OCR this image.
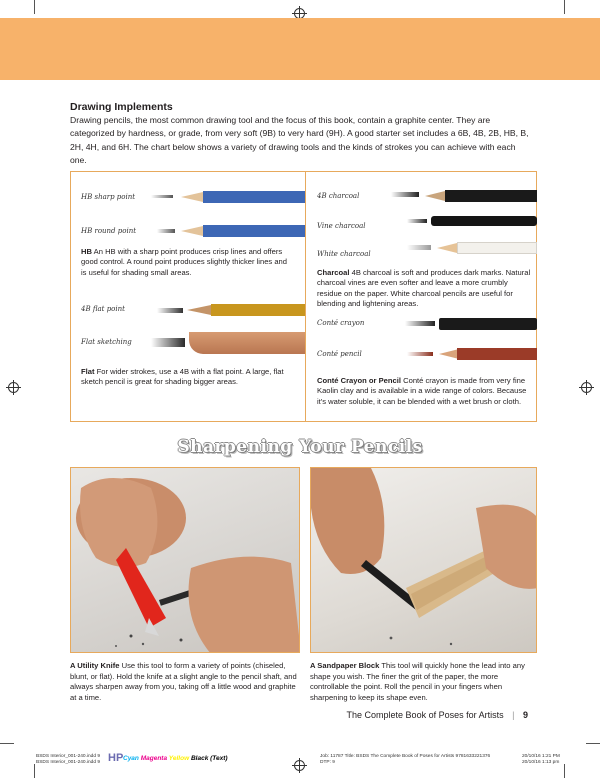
Drawing Implements
Drawing pencils, the most common drawing tool and the focus of this book, contain a graphite center. They are categorized by hardness, or grade, from very soft (9B) to very hard (9H). A good starter set includes a 6B, 4B, 2B, HB, B, 2H, 4H, and 6H. The chart below shows a variety of drawing tools and the kinds of strokes you can achieve with each one.
HB sharp point
HB round point
HB An HB with a sharp point produces crisp lines and offers good control. A round point produces slightly thicker lines and is useful for shading small areas.
4B flat point
Flat sketching
Flat For wider strokes, use a 4B with a flat point. A large, flat sketch pencil is great for shading bigger areas.
4B charcoal
Vine charcoal
White charcoal
Charcoal 4B charcoal is soft and produces dark marks. Natural charcoal vines are even softer and leave a more crumbly residue on the paper. White charcoal pencils are useful for blending and lightening areas.
Conté crayon
Conté pencil
Conté Crayon or Pencil Conté crayon is made from very fine Kaolin clay and is available in a wide range of colors. Because it's water soluble, it can be blended with a wet brush or cloth.
Sharpening Your Pencils
A Utility Knife Use this tool to form a variety of points (chiseled, blunt, or flat). Hold the knife at a slight angle to the pencil shaft, and always sharpen away from you, taking off a little wood and graphite at a time.
A Sandpaper Block This tool will quickly hone the lead into any shape you wish. The finer the grit of the paper, the more controllable the point. Roll the pencil in your fingers when sharpening to keep its shape even.
The Complete Book of Poses for Artists | 9
BSDS Interior_001-240.indd 9
BSDS Interior_001-240.indd 9 HP Cyan Magenta Yellow Black (Text)	Job: 11787 Title: BSDS The Complete Book of Poses for Artists 9781633221376
DTP: 9
20/10/16 1:21 PM
20/10/16 1:13 pm
